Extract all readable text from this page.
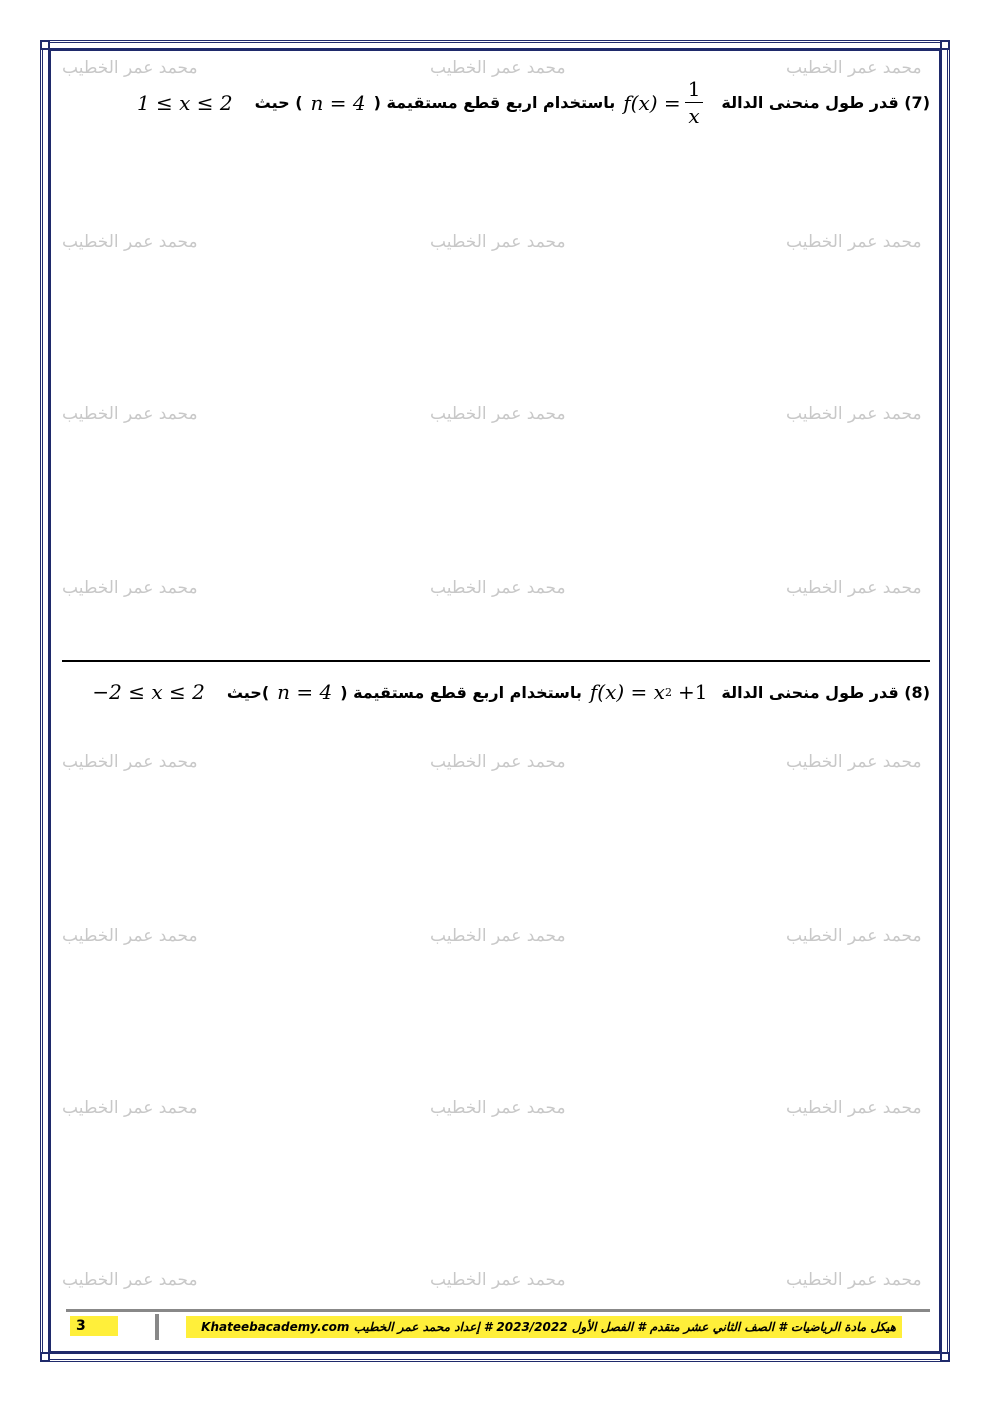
محمد عمر الخطيب	محمد عمر الخطيب	محمد عمر الخطيب
محمد عمر الخطيب	محمد عمر الخطيب	محمد عمر الخطيب
محمد عمر الخطيب	محمد عمر الخطيب	محمد عمر الخطيب
محمد عمر الخطيب	محمد عمر الخطيب	محمد عمر الخطيب
محمد عمر الخطيب	محمد عمر الخطيب	محمد عمر الخطيب
محمد عمر الخطيب	محمد عمر الخطيب	محمد عمر الخطيب
محمد عمر الخطيب	محمد عمر الخطيب	محمد عمر الخطيب
محمد عمر الخطيب	محمد عمر الخطيب	محمد عمر الخطيب
(7) قدر طول منحنى الدالة
$f(x) = \frac{1}{x}$
باستخدام اربع قطع مستقيمة (
n = 4
) حيث
1 ≤ x ≤ 2
(8) قدر طول منحنى الدالة
f(x) = x 2 +1
باستخدام اربع قطع مستقيمة (
n = 4
)حيث
−2 ≤ x ≤ 2
3	هيكل مادة الرياضيات # الصف الثاني عشر متقدم # الفصل الأول 2023/2022 # إعداد محمد عمر الخطيب Khateebacademy.com
